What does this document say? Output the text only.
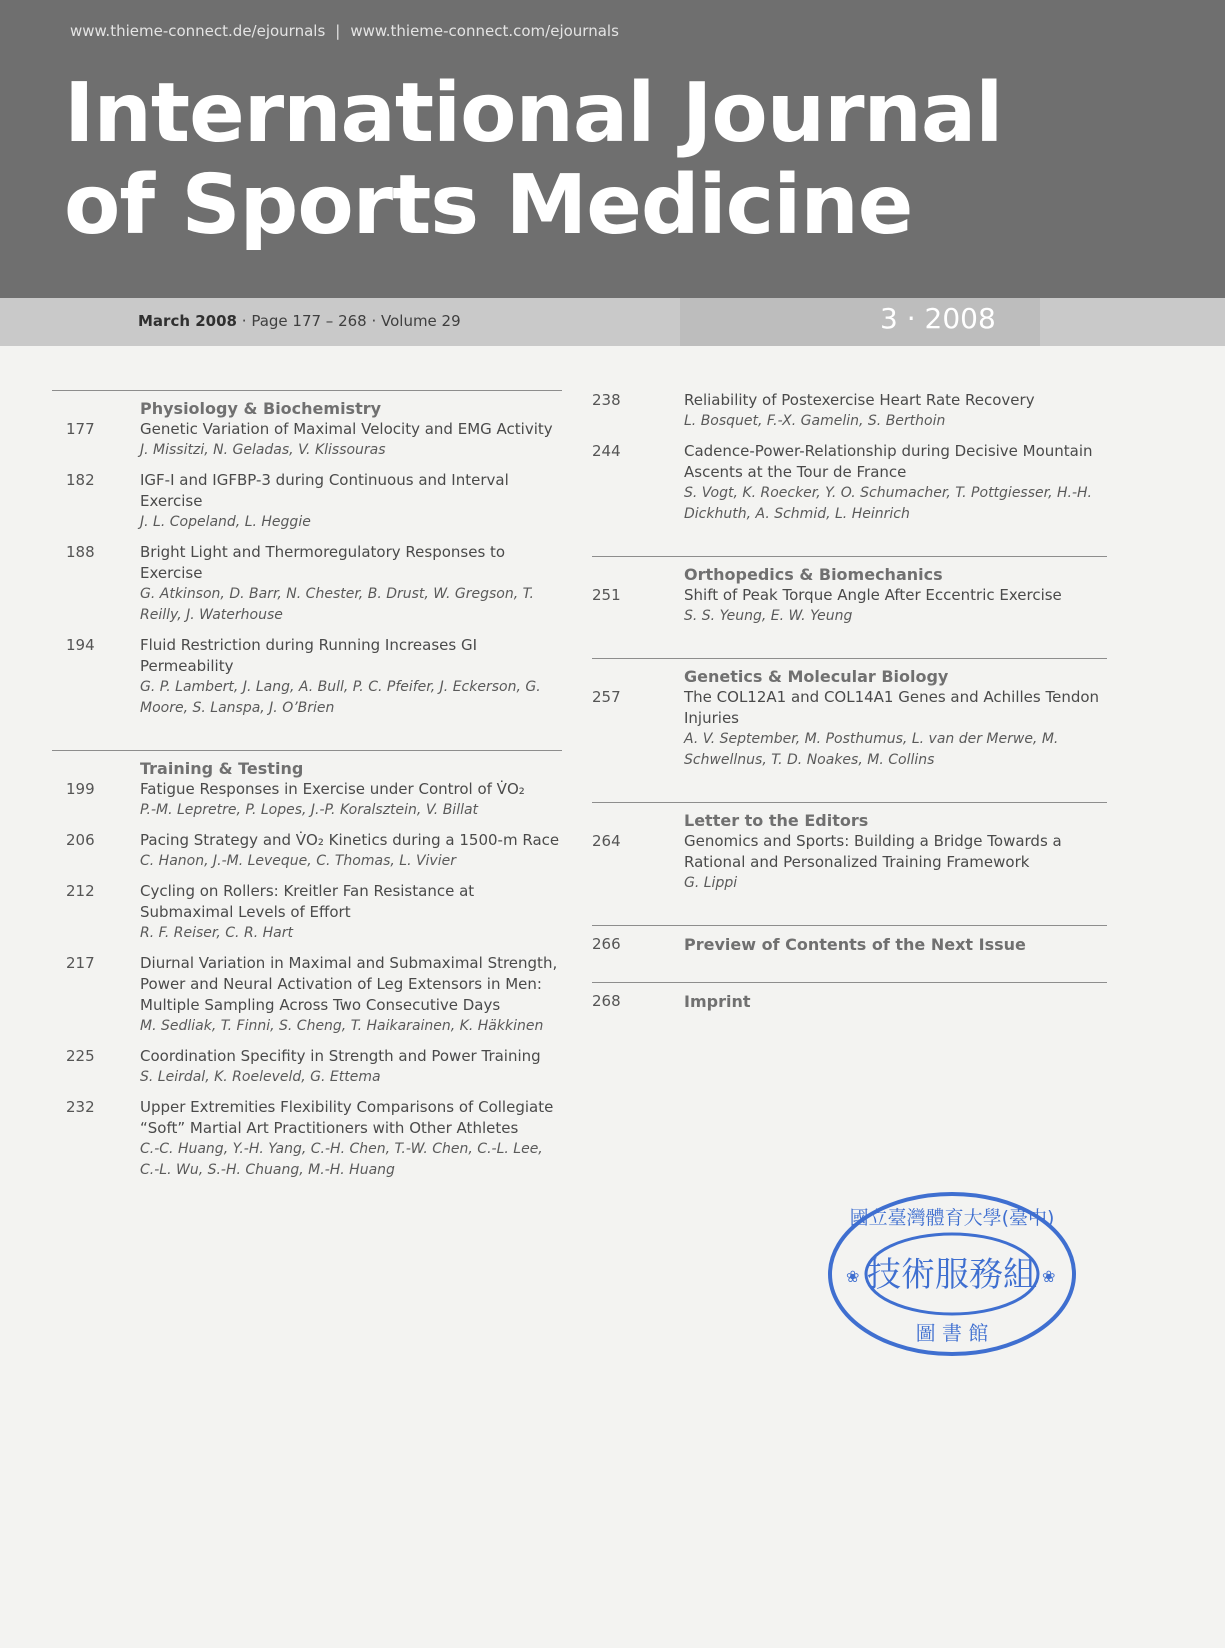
www.thieme-connect.de/ejournals | www.thieme-connect.com/ejournals
International Journal
of Sports Medicine
March 2008 · Page 177 – 268 · Volume 29	3 · 2008
Physiology & Biochemistry
177	Genetic Variation of Maximal Velocity and EMG Activity
J. Missitzi, N. Geladas, V. Klissouras
182	IGF-I and IGFBP-3 during Continuous and Interval Exercise
J. L. Copeland, L. Heggie
188	Bright Light and Thermoregulatory Responses to Exercise
G. Atkinson, D. Barr, N. Chester, B. Drust, W. Gregson, T. Reilly, J. Waterhouse
194	Fluid Restriction during Running Increases GI Permeability
G. P. Lambert, J. Lang, A. Bull, P. C. Pfeifer, J. Eckerson, G. Moore, S. Lanspa, J. O’Brien
Training & Testing
199	Fatigue Responses in Exercise under Control of V̇O₂
P.-M. Lepretre, P. Lopes, J.-P. Koralsztein, V. Billat
206	Pacing Strategy and V̇O₂ Kinetics during a 1500-m Race
C. Hanon, J.-M. Leveque, C. Thomas, L. Vivier
212	Cycling on Rollers: Kreitler Fan Resistance at Submaximal Levels of Effort
R. F. Reiser, C. R. Hart
217	Diurnal Variation in Maximal and Submaximal Strength, Power and Neural Activation of Leg Extensors in Men: Multiple Sampling Across Two Consecutive Days
M. Sedliak, T. Finni, S. Cheng, T. Haikarainen, K. Häkkinen
225	Coordination Specifity in Strength and Power Training
S. Leirdal, K. Roeleveld, G. Ettema
232	Upper Extremities Flexibility Comparisons of Collegiate “Soft” Martial Art Practitioners with Other Athletes
C.-C. Huang, Y.-H. Yang, C.-H. Chen, T.-W. Chen, C.-L. Lee, C.-L. Wu, S.-H. Chuang, M.-H. Huang
238	Reliability of Postexercise Heart Rate Recovery
L. Bosquet, F.-X. Gamelin, S. Berthoin
244	Cadence-Power-Relationship during Decisive Mountain Ascents at the Tour de France
S. Vogt, K. Roecker, Y. O. Schumacher, T. Pottgiesser, H.-H. Dickhuth, A. Schmid, L. Heinrich
Orthopedics & Biomechanics
251	Shift of Peak Torque Angle After Eccentric Exercise
S. S. Yeung, E. W. Yeung
Genetics & Molecular Biology
257	The COL12A1 and COL14A1 Genes and Achilles Tendon Injuries
A. V. September, M. Posthumus, L. van der Merwe, M. Schwellnus, T. D. Noakes, M. Collins
Letter to the Editors
264	Genomics and Sports: Building a Bridge Towards a Rational and Personalized Training Framework
G. Lippi
266	Preview of Contents of the Next Issue
268	Imprint
國立臺灣體育大學(臺中)
技術服務組
圖 書 館
❀	❀
